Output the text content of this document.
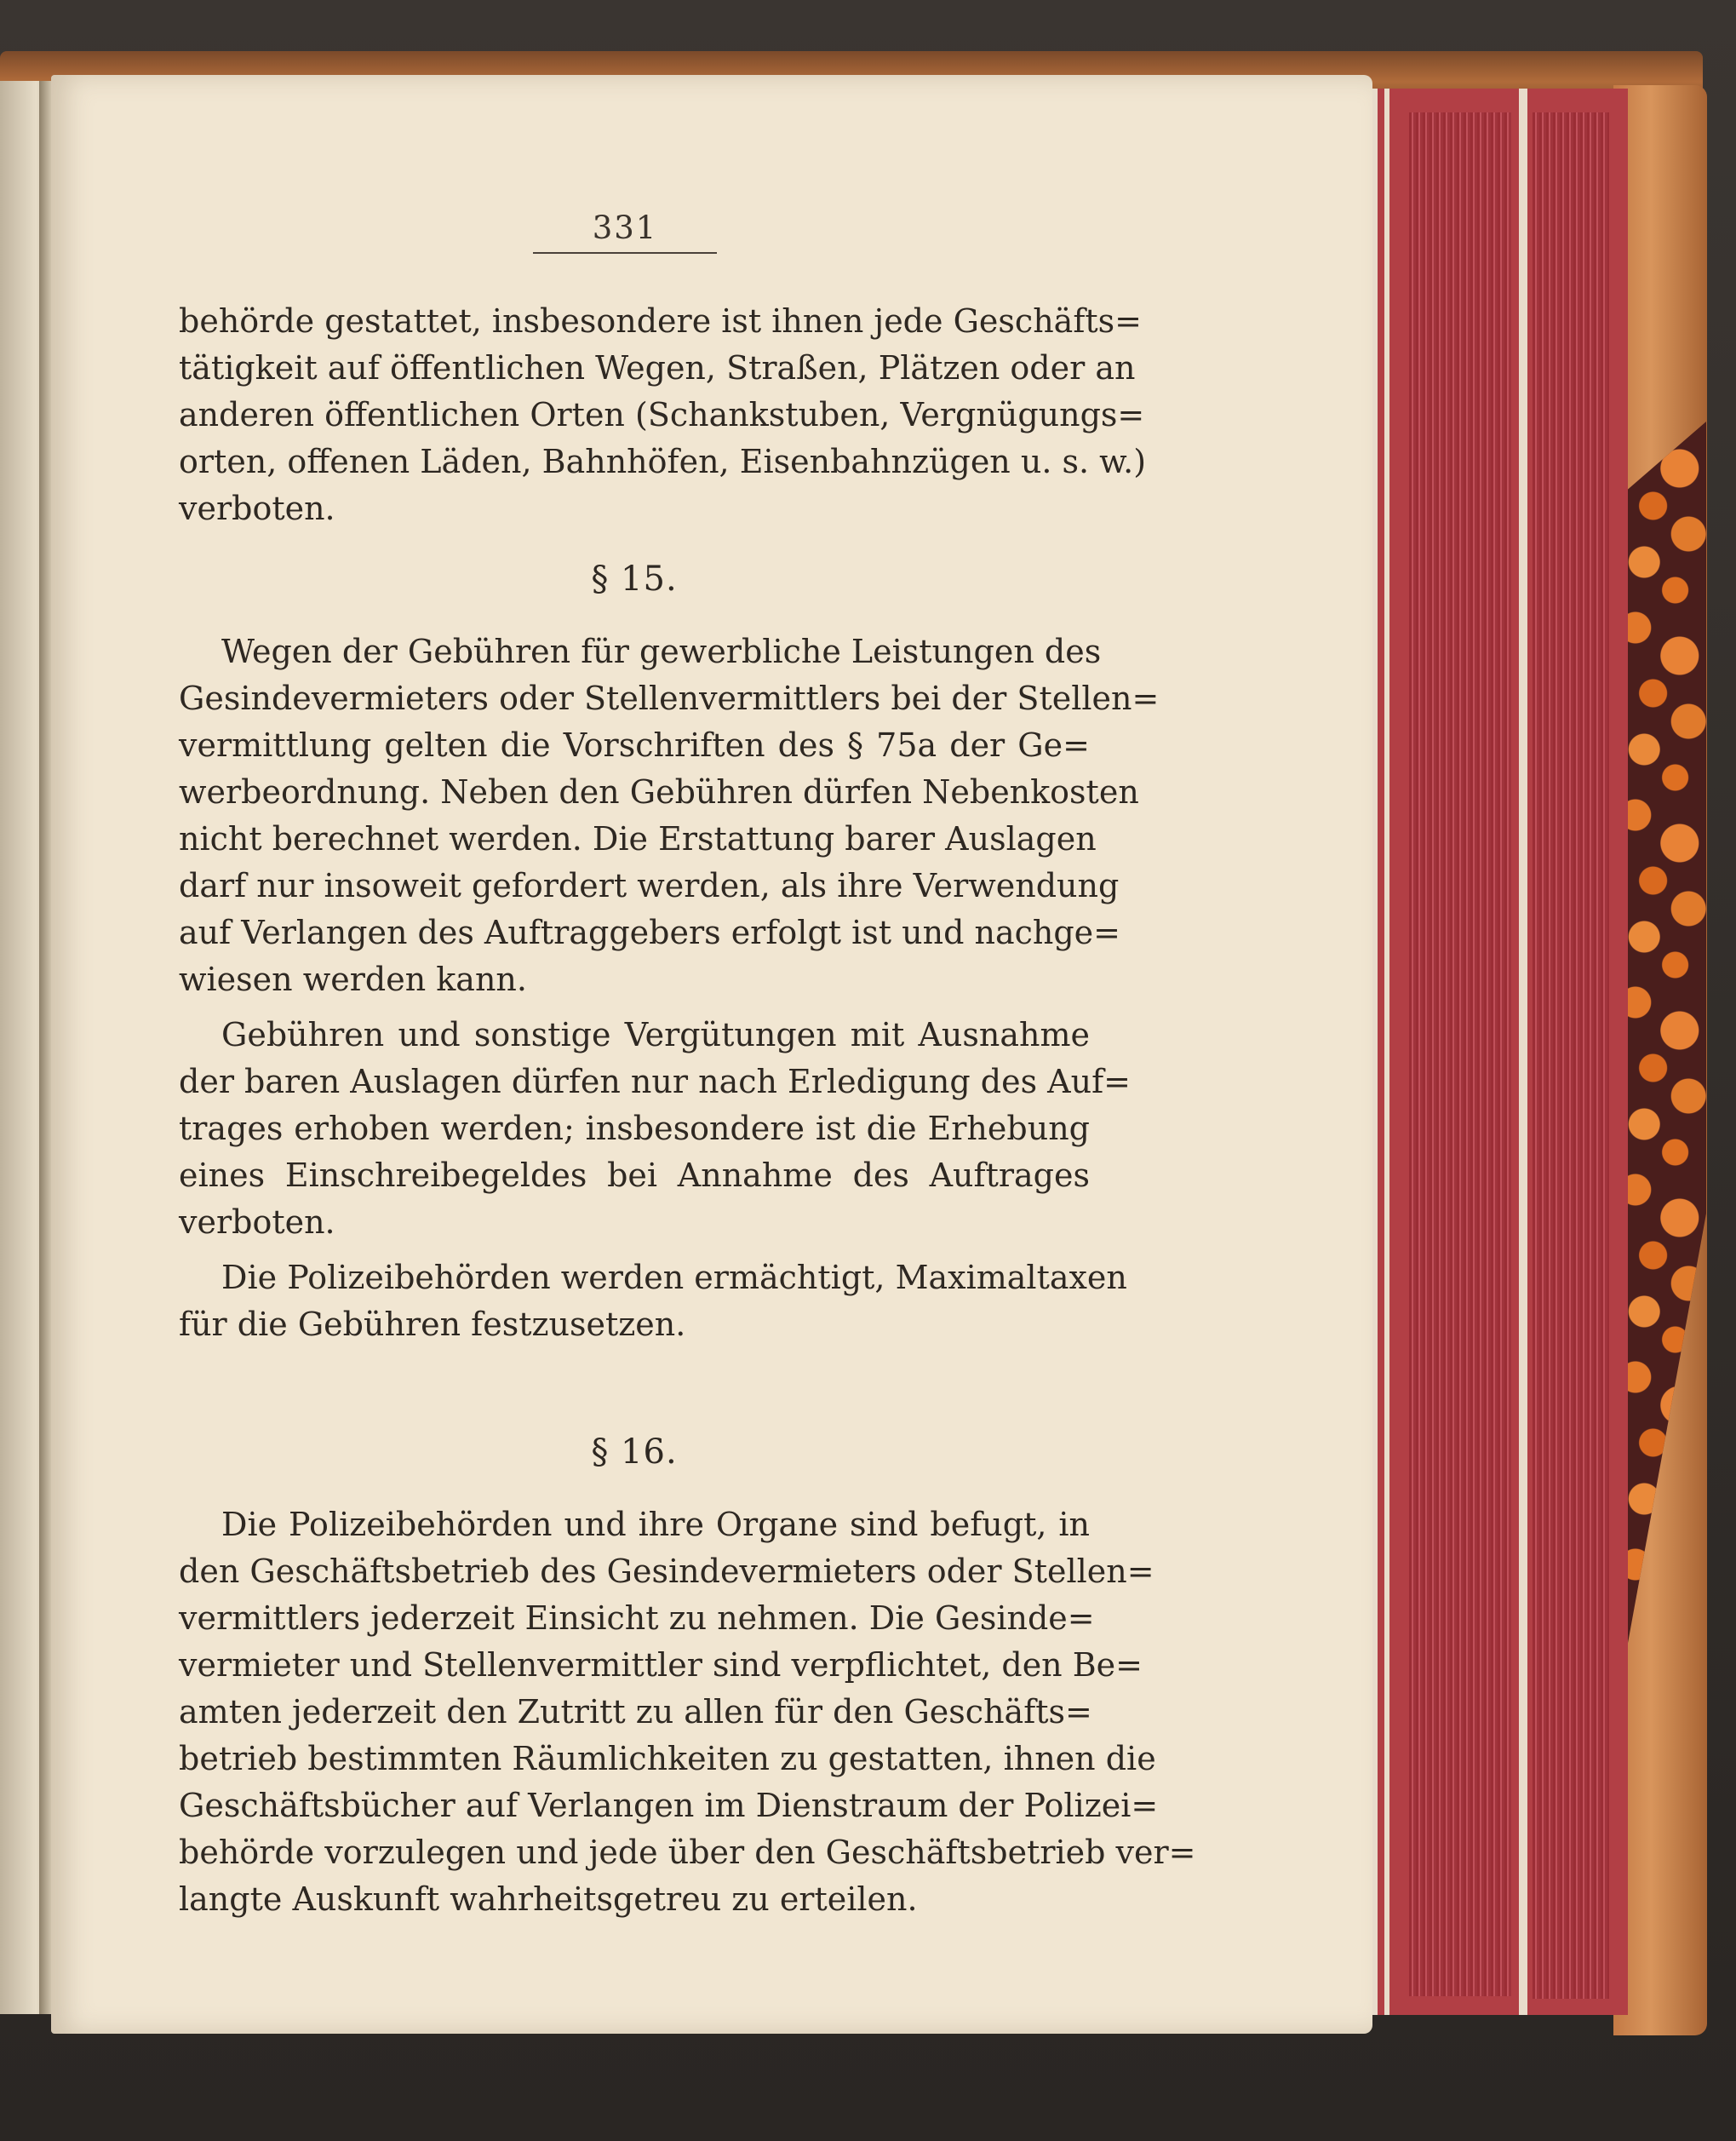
331
behörde gestattet, insbesondere ist ihnen jede Geschäfts=
tätigkeit auf öffentlichen Wegen, Straßen, Plätzen oder an
anderen öffentlichen Orten (Schankstuben, Vergnügungs=
orten, offenen Läden, Bahnhöfen, Eisenbahnzügen u. s. w.)
verboten.
§ 15.
Wegen der Gebühren für gewerbliche Leistungen des
Gesindevermieters oder Stellenvermittlers bei der Stellen=
vermittlung gelten die Vorschriften des § 75a der Ge=
werbeordnung. Neben den Gebühren dürfen Nebenkosten
nicht berechnet werden. Die Erstattung barer Auslagen
darf nur insoweit gefordert werden, als ihre Verwendung
auf Verlangen des Auftraggebers erfolgt ist und nachge=
wiesen werden kann.
Gebühren und sonstige Vergütungen mit Ausnahme
der baren Auslagen dürfen nur nach Erledigung des Auf=
trages erhoben werden; insbesondere ist die Erhebung
eines Einschreibegeldes bei Annahme des Auftrages
verboten.
Die Polizeibehörden werden ermächtigt, Maximaltaxen
für die Gebühren festzusetzen.
§ 16.
Die Polizeibehörden und ihre Organe sind befugt, in
den Geschäftsbetrieb des Gesindevermieters oder Stellen=
vermittlers jederzeit Einsicht zu nehmen. Die Gesinde=
vermieter und Stellenvermittler sind verpflichtet, den Be=
amten jederzeit den Zutritt zu allen für den Geschäfts=
betrieb bestimmten Räumlichkeiten zu gestatten, ihnen die
Geschäftsbücher auf Verlangen im Dienstraum der Polizei=
behörde vorzulegen und jede über den Geschäftsbetrieb ver=
langte Auskunft wahrheitsgetreu zu erteilen.
